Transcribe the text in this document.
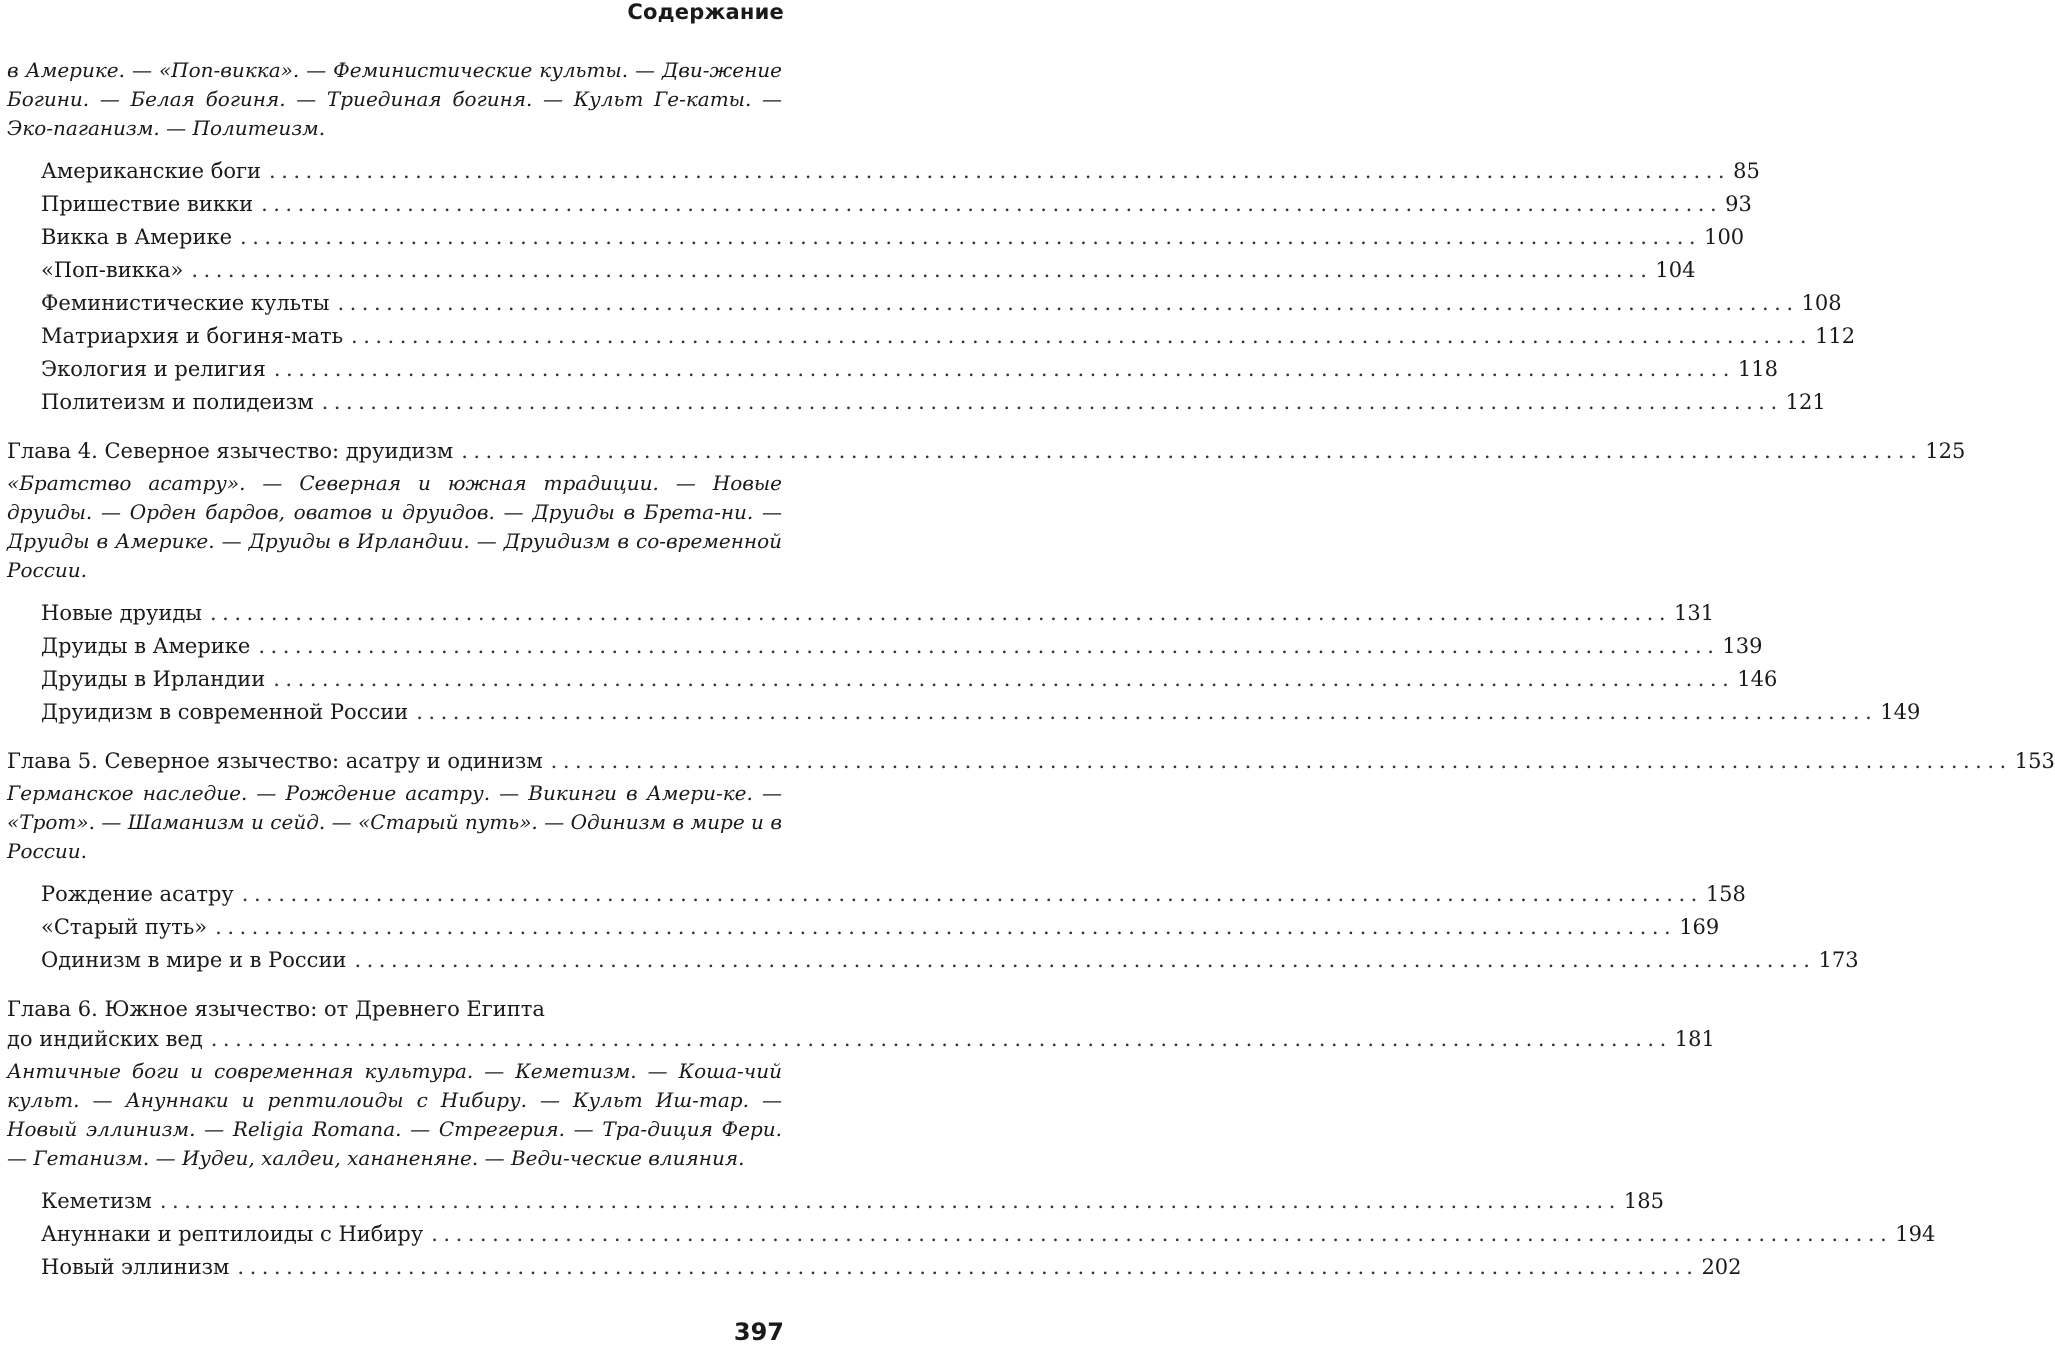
Содержание
в Америке. — «Поп-викка». — Феминистические культы. — Дви-жение Богини. — Белая богиня. — Триединая богиня. — Культ Ге-каты. — Эко-паганизм. — Политеизм.
Американские боги ........................................................................................................................ 85
Пришествие викки ........................................................................................................................ 93
Викка в Америке ........................................................................................................................ 100
«Поп-викка» ........................................................................................................................ 104
Феминистические культы ........................................................................................................................ 108
Матриархия и богиня-мать ........................................................................................................................ 112
Экология и религия ........................................................................................................................ 118
Политеизм и полидеизм ........................................................................................................................ 121
Глава 4. Северное язычество: друидизм ........................................................................................................................ 125
«Братство асатру». — Северная и южная традиции. — Новые друиды. — Орден бардов, оватов и друидов. — Друиды в Брета-ни. — Друиды в Америке. — Друиды в Ирландии. — Друидизм в со-временной России.
Новые друиды ........................................................................................................................ 131
Друиды в Америке ........................................................................................................................ 139
Друиды в Ирландии ........................................................................................................................ 146
Друидизм в современной России ........................................................................................................................ 149
Глава 5. Северное язычество: асатру и одинизм ........................................................................................................................ 153
Германское наследие. — Рождение асатру. — Викинги в Амери-ке. — «Трот». — Шаманизм и сейд. — «Старый путь». — Одинизм в мире и в России.
Рождение асатру ........................................................................................................................ 158
«Старый путь» ........................................................................................................................ 169
Одинизм в мире и в России ........................................................................................................................ 173
Глава 6. Южное язычество: от Древнего Египта
до индийских вед ........................................................................................................................ 181
Античные боги и современная культура. — Кеметизм. — Коша-чий культ. — Ануннаки и рептилоиды с Нибиру. — Культ Иш-тар. — Новый эллинизм. — Religia Romana. — Стрегерия. — Тра-диция Фери. — Гетанизм. — Иудеи, халдеи, хананеняне. — Веди-ческие влияния.
Кеметизм ........................................................................................................................ 185
Ануннаки и рептилоиды с Нибиру ........................................................................................................................ 194
Новый эллинизм ........................................................................................................................ 202
397
